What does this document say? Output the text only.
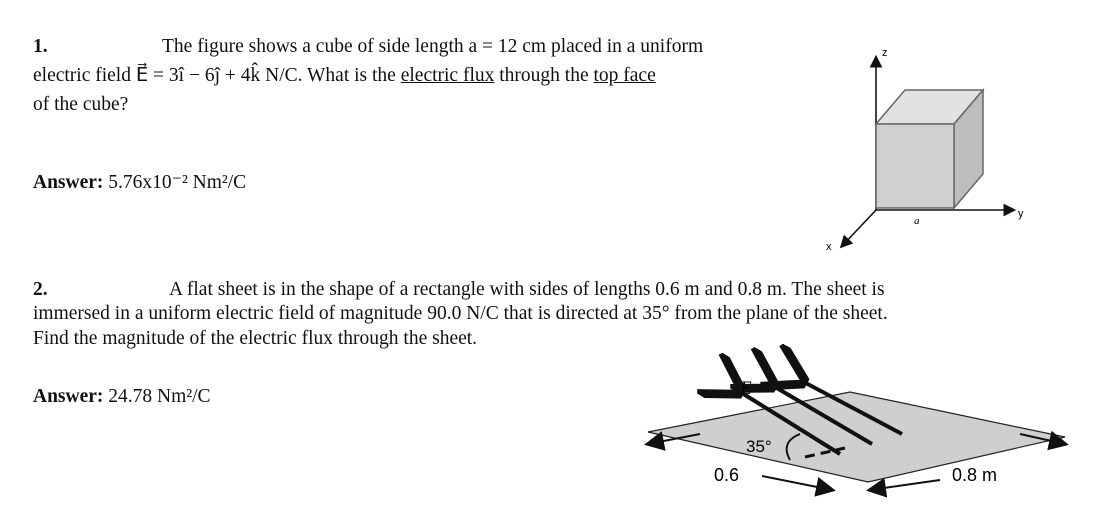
1.	The figure shows a cube of side length a = 12 cm placed in a uniform
electric field E⃗ = 3î − 6ĵ + 4k̂ N/C. What is the electric flux through the top face
of the cube?
Answer: 5.76x10⁻² Nm²/C
z
y
x
a
2.	A flat sheet is in the shape of a rectangle with sides of lengths 0.6 m and 0.8 m. The sheet is
immersed in a uniform electric field of magnitude 90.0 N/C that is directed at 35° from the plane of the sheet.
Find the magnitude of the electric flux through the sheet.
Answer: 24.78 Nm²/C	E⃗
35°
0.6	0.8 m
